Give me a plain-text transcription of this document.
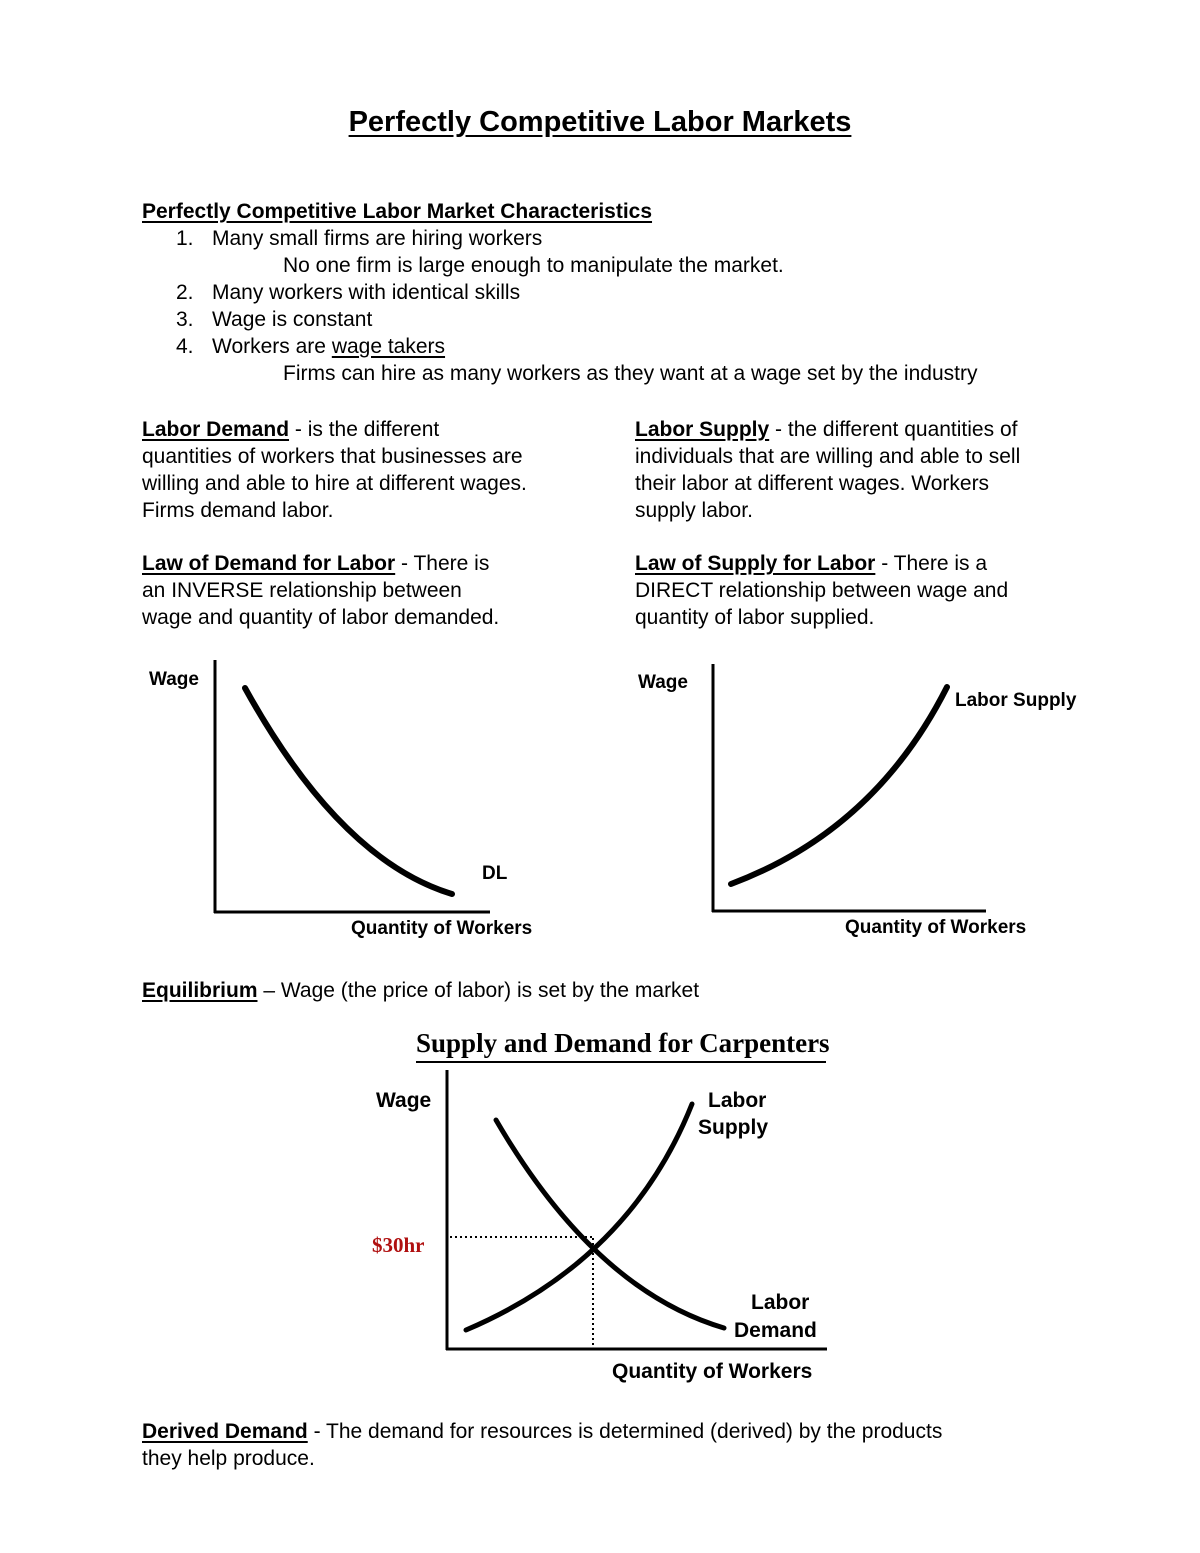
Perfectly Competitive Labor Markets
Perfectly Competitive Labor Market Characteristics
1. Many small firms are hiring workers
No one firm is large enough to manipulate the market.
2. Many workers with identical skills
3. Wage is constant
4. Workers are wage takers
Firms can hire as many workers as they want at a wage set by the industry
Labor Demand - is the different
quantities of workers that businesses are
willing and able to hire at different wages.
Firms demand labor.
Labor Supply - the different quantities of
individuals that are willing and able to sell
their labor at different wages. Workers
supply labor.
Law of Demand for Labor - There is
an INVERSE relationship between
wage and quantity of labor demanded.
Law of Supply for Labor - There is a
DIRECT relationship between wage and
quantity of labor supplied.
Wage
DL
Quantity of Workers
Wage
Labor Supply
Quantity of Workers
Equilibrium – Wage (the price of labor) is set by the market
Supply and Demand for Carpenters
Wage	Labor
Supply
Labor
Demand
$30hr
Quantity of Workers
Derived Demand - The demand for resources is determined (derived) by the products
they help produce.
